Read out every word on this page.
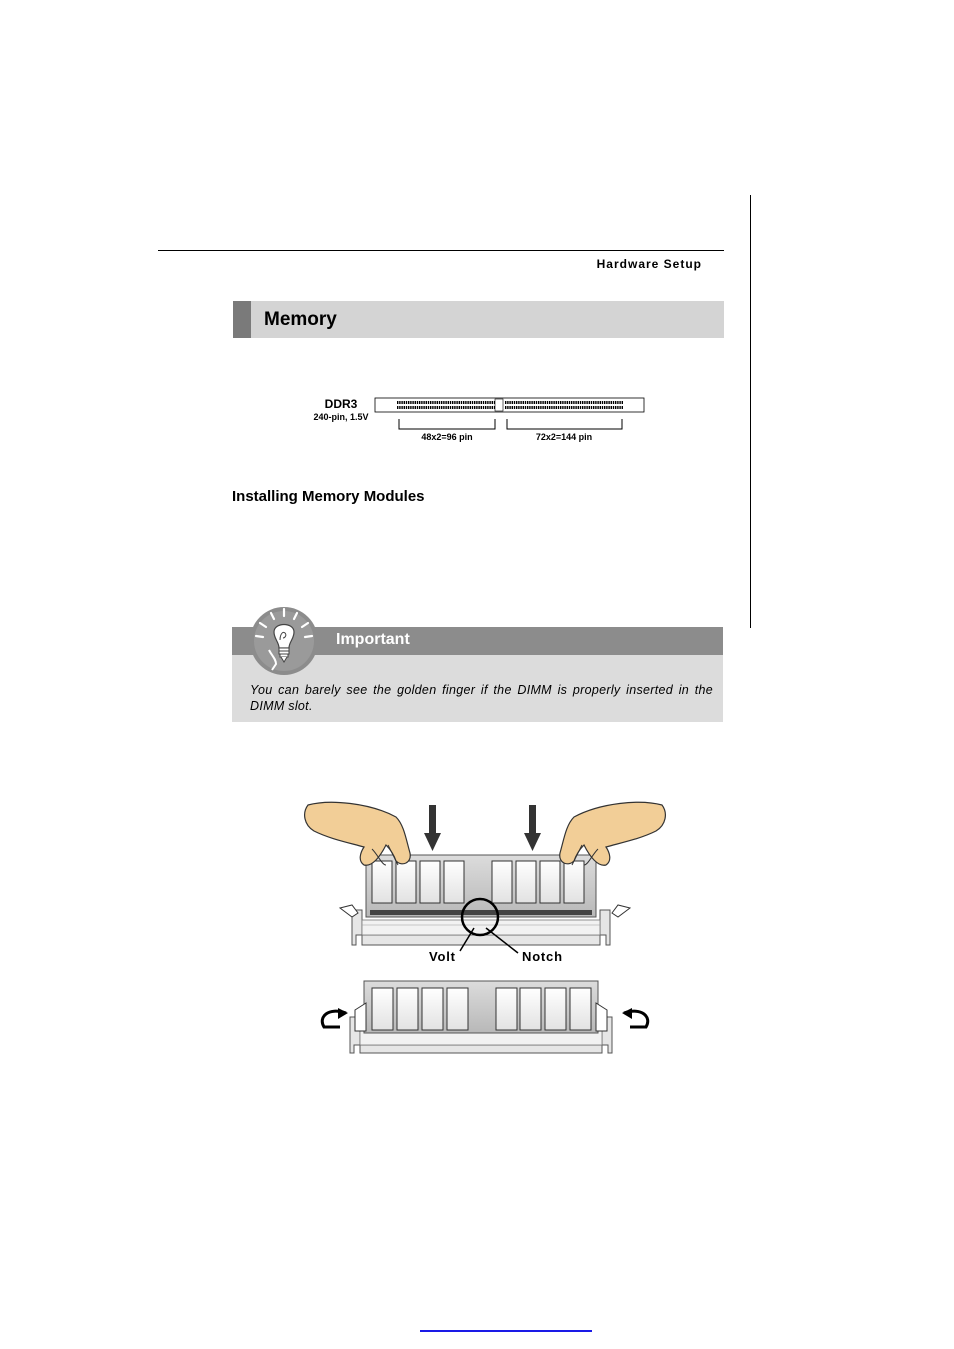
Hardware Setup
Memory
DDR3
240-pin, 1.5V
48x2=96 pin	72x2=144 pin
Installing Memory Modules
Important
You can barely see the golden finger if the DIMM is properly inserted in the DIMM slot.
Volt	Notch
